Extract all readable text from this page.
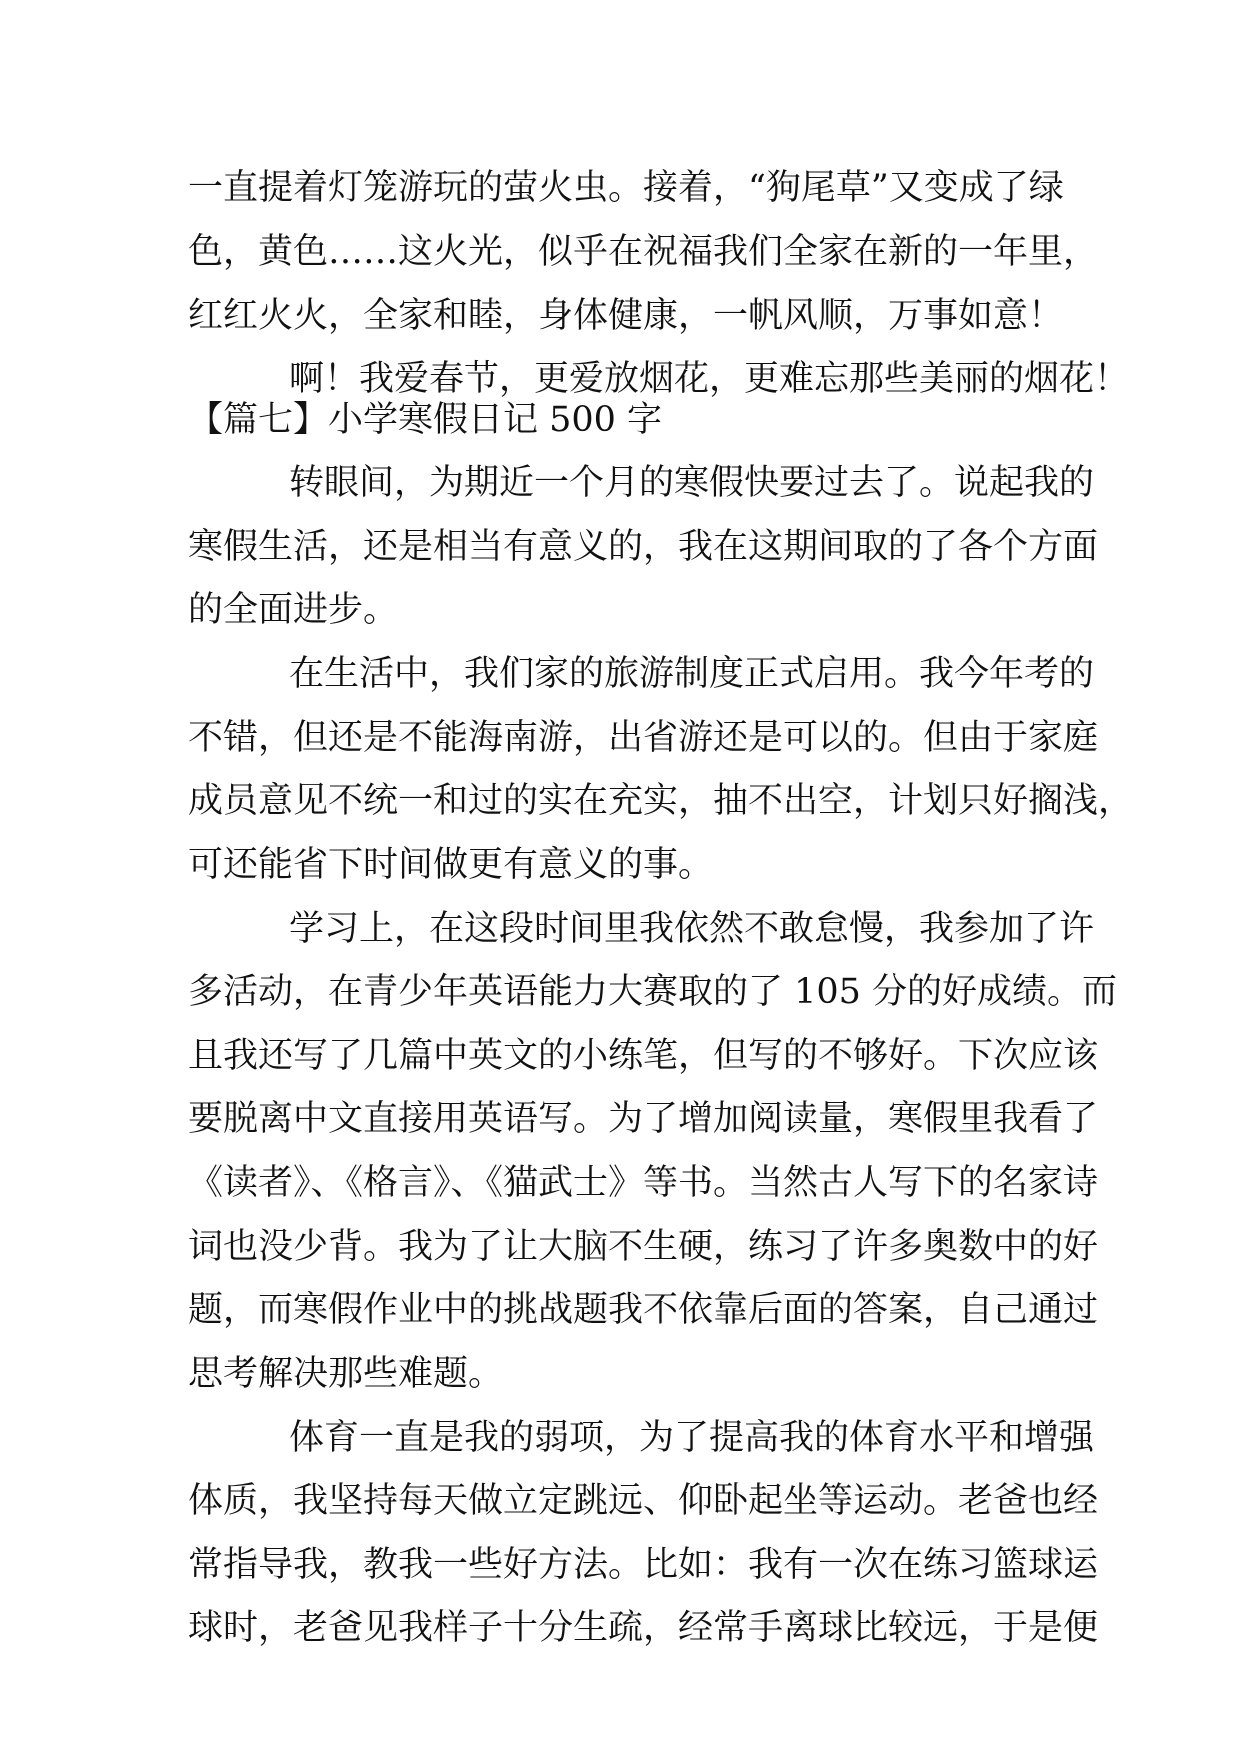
一直提着灯笼游玩的萤火虫。接着，“狗尾草”又变成了绿

色，黄色……这火光，似乎在祝福我们全家在新的一年里，

红红火火，全家和睦，身体健康，一帆风顺，万事如意！

啊！我爱春节，更爱放烟花，更难忘那些美丽的烟花！

【篇七】小学寒假日记 500 字

转眼间，为期近一个月的寒假快要过去了。说起我的

寒假生活，还是相当有意义的，我在这期间取的了各个方面

的全面进步。

在生活中，我们家的旅游制度正式启用。我今年考的

不错，但还是不能海南游，出省游还是可以的。但由于家庭

成员意见不统一和过的实在充实，抽不出空，计划只好搁浅，

可还能省下时间做更有意义的事。

学习上，在这段时间里我依然不敢怠慢，我参加了许

多活动，在青少年英语能力大赛取的了 105 分的好成绩。而

且我还写了几篇中英文的小练笔，但写的不够好。下次应该

要脱离中文直接用英语写。为了增加阅读量，寒假里我看了

《读者》、《格言》、《猫武士》等书。当然古人写下的名家诗

词也没少背。我为了让大脑不生硬，练习了许多奥数中的好

题，而寒假作业中的挑战题我不依靠后面的答案，自己通过

思考解决那些难题。

体育一直是我的弱项，为了提高我的体育水平和增强

体质，我坚持每天做立定跳远、仰卧起坐等运动。老爸也经

常指导我，教我一些好方法。比如：我有一次在练习篮球运

球时，老爸见我样子十分生疏，经常手离球比较远，于是便
